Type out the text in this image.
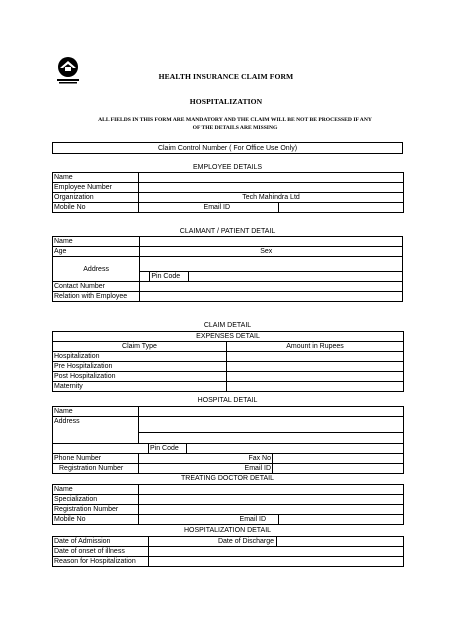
HEALTH INSURANCE CLAIM FORM
HOSPITALIZATION
ALL FIELDS IN THIS FORM ARE MANDATORY AND THE CLAIM WILL BE NOT BE PROCESSED IF ANY
OF THE DETAILS ARE MISSING
Claim Control Number ( For Office Use Only)
EMPLOYEE DETAILS
Name		
Employee Number		
Organization	Tech Mahindra Ltd	
Mobile No	Email ID	
CLAIMANT / PATIENT DETAIL
Name			
Age	Sex		
Address			
		Pin Code	
Contact Number			
Relation with Employee			
CLAIM DETAIL
EXPENSES DETAIL	
Claim Type	Amount in Rupees
Hospitalization	
Pre Hospitalization	
Post Hospitalization	
Maternity	
HOSPITAL DETAIL
Name				
Address				

		Pin Code		
Phone Number	Fax No			
Registration Number	Email ID			
TREATING DOCTOR DETAIL
Name		
Specialization		
Registration Number		
Mobile No	Email ID	
HOSPITALIZATION DETAIL
Date of Admission	Date of Discharge	
Date of onset of illness		
Reason for Hospitalization		
